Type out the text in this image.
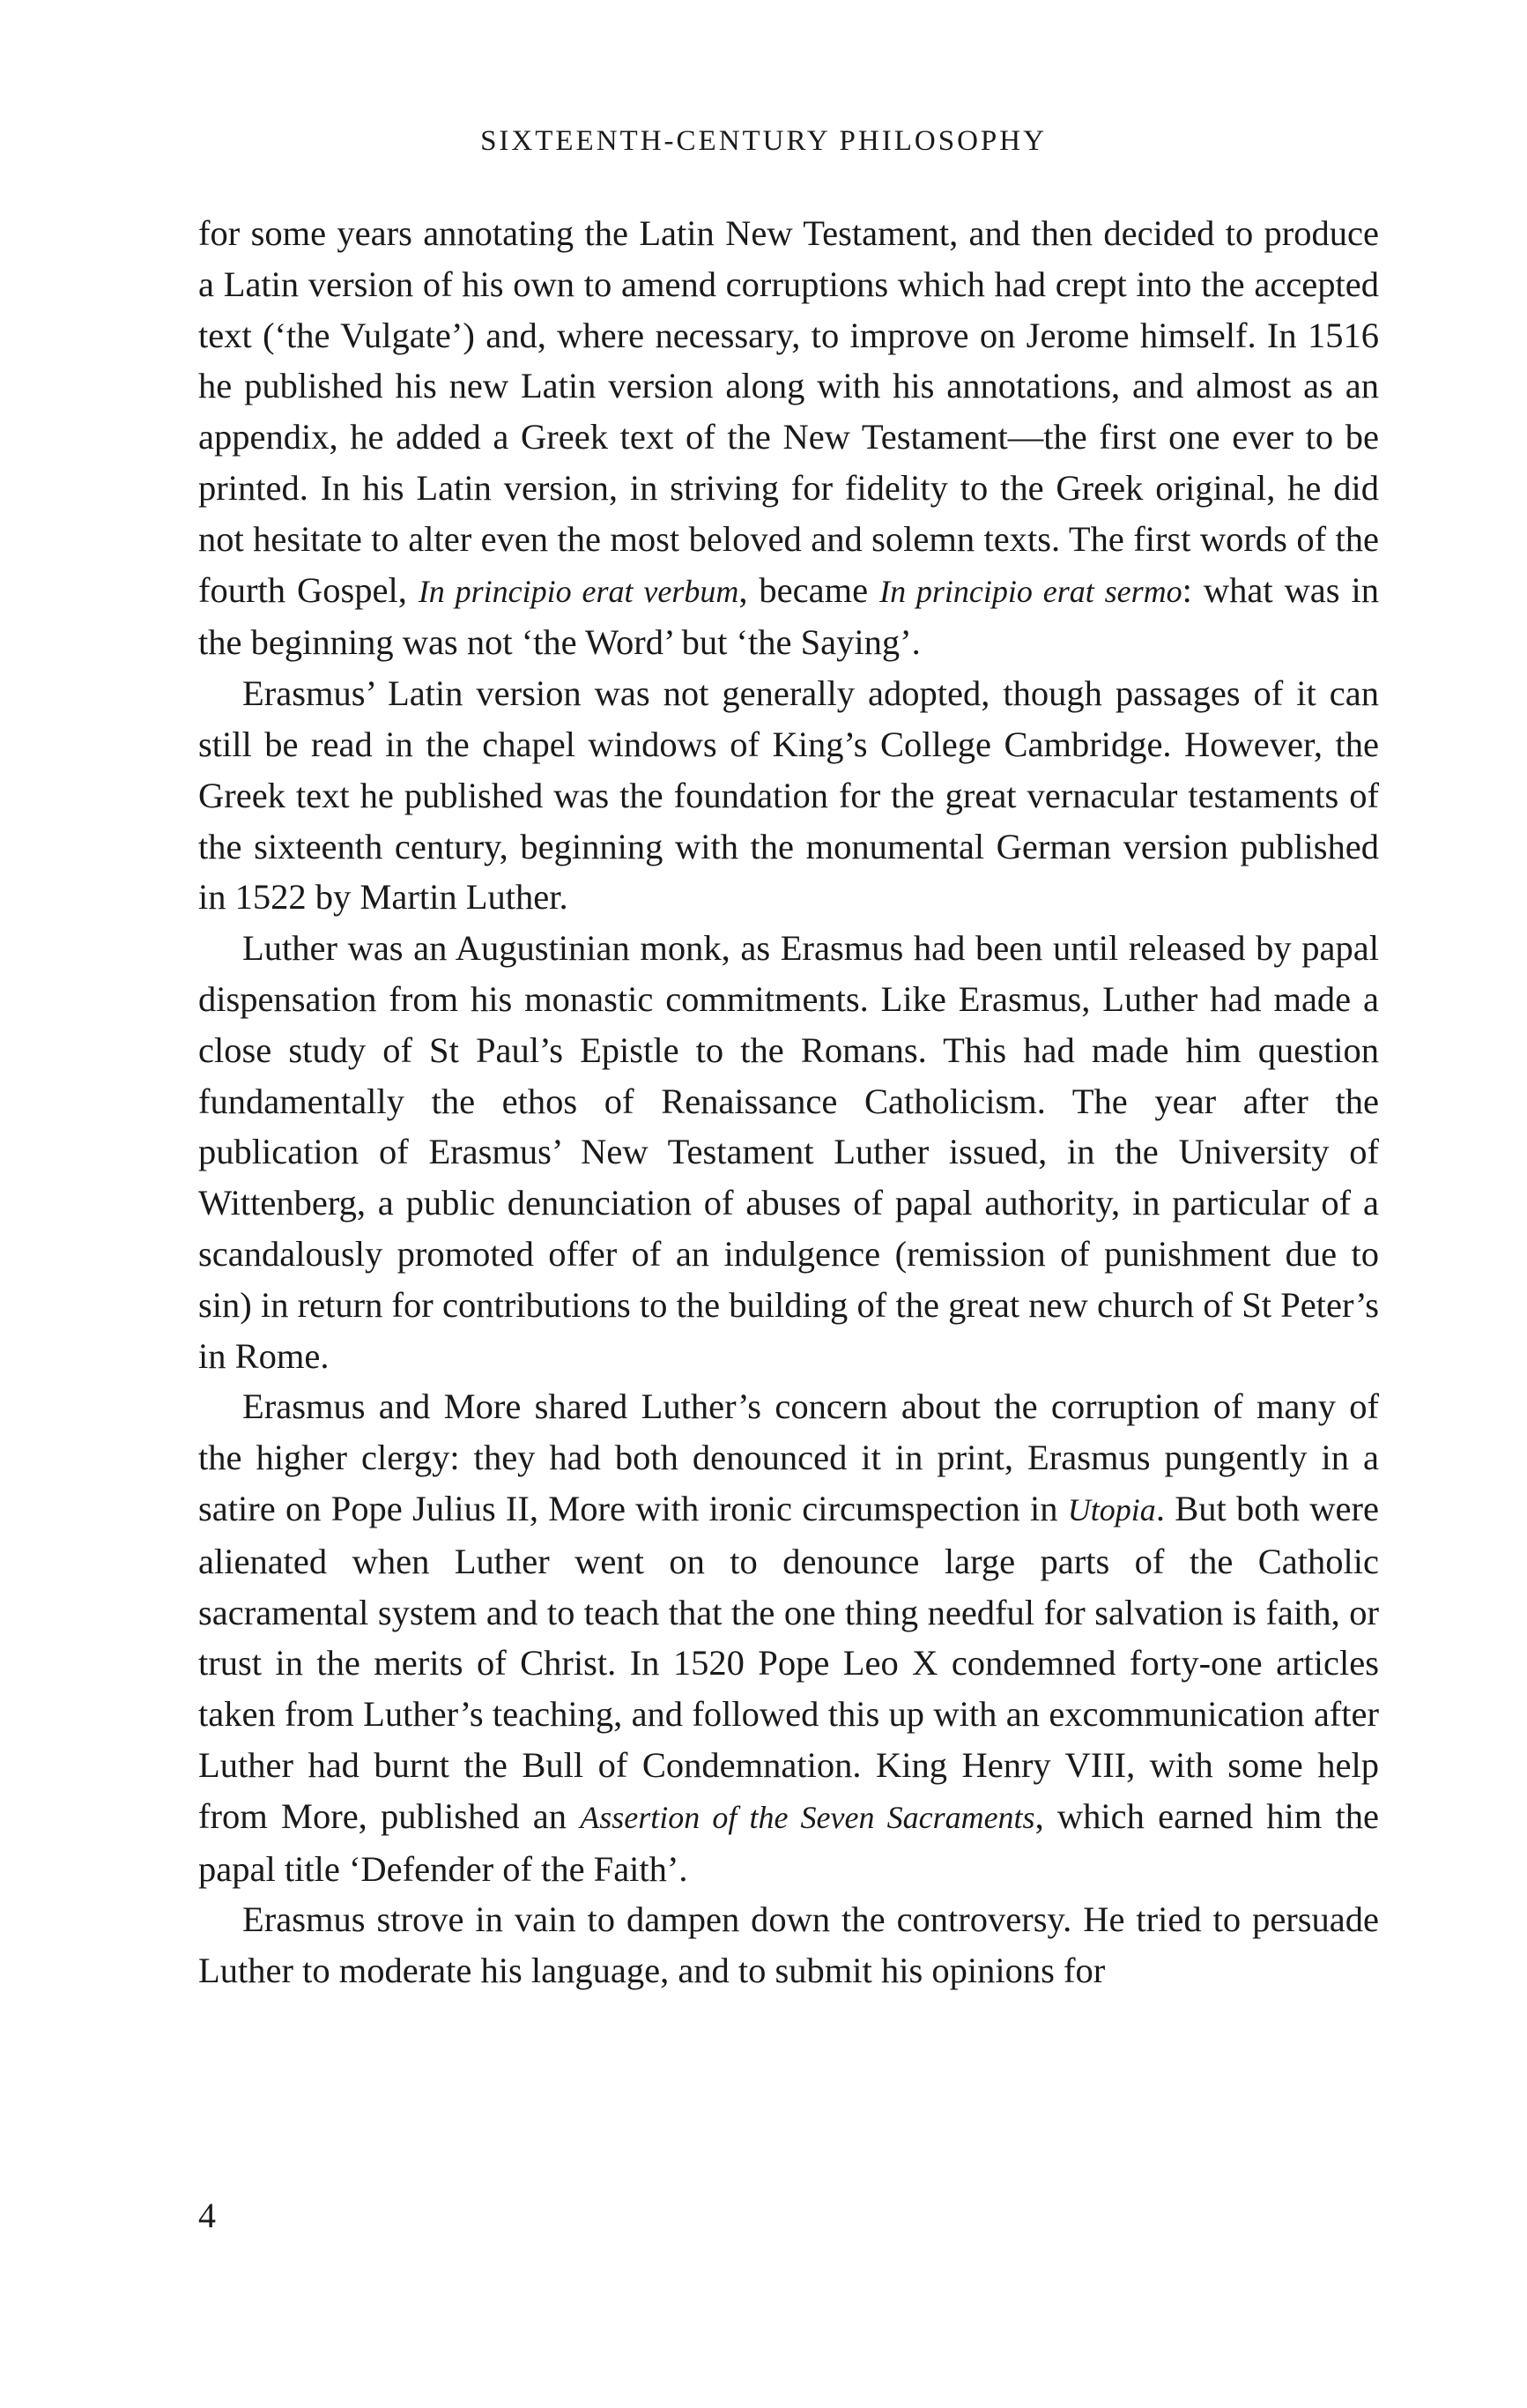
SIXTEENTH-CENTURY PHILOSOPHY

for some years annotating the Latin New Testament, and then decided to produce a Latin version of his own to amend corruptions which had crept into the accepted text (‘the Vulgate’) and, where necessary, to improve on Jerome himself. In 1516 he published his new Latin version along with his annotations, and almost as an appendix, he added a Greek text of the New Testament—the first one ever to be printed. In his Latin version, in striving for fidelity to the Greek original, he did not hesitate to alter even the most beloved and solemn texts. The first words of the fourth Gospel, In principio erat verbum, became In principio erat sermo: what was in the beginning was not ‘the Word’ but ‘the Saying’.

Erasmus’ Latin version was not generally adopted, though passages of it can still be read in the chapel windows of King’s College Cambridge. However, the Greek text he published was the foundation for the great vernacular testaments of the sixteenth century, beginning with the monumental German version published in 1522 by Martin Luther.

Luther was an Augustinian monk, as Erasmus had been until released by papal dispensation from his monastic commitments. Like Erasmus, Luther had made a close study of St Paul’s Epistle to the Romans. This had made him question fundamentally the ethos of Renaissance Catholicism. The year after the publication of Erasmus’ New Testament Luther issued, in the University of Wittenberg, a public denunciation of abuses of papal authority, in particular of a scandalously promoted offer of an indulgence (remission of punishment due to sin) in return for contributions to the building of the great new church of St Peter’s in Rome.

Erasmus and More shared Luther’s concern about the corruption of many of the higher clergy: they had both denounced it in print, Erasmus pungently in a satire on Pope Julius II, More with ironic circumspection in Utopia. But both were alienated when Luther went on to denounce large parts of the Catholic sacramental system and to teach that the one thing needful for salvation is faith, or trust in the merits of Christ. In 1520 Pope Leo X condemned forty-one articles taken from Luther’s teaching, and followed this up with an excommunication after Luther had burnt the Bull of Condemnation. King Henry VIII, with some help from More, published an Assertion of the Seven Sacraments, which earned him the papal title ‘Defender of the Faith’.

Erasmus strove in vain to dampen down the controversy. He tried to persuade Luther to moderate his language, and to submit his opinions for

4
